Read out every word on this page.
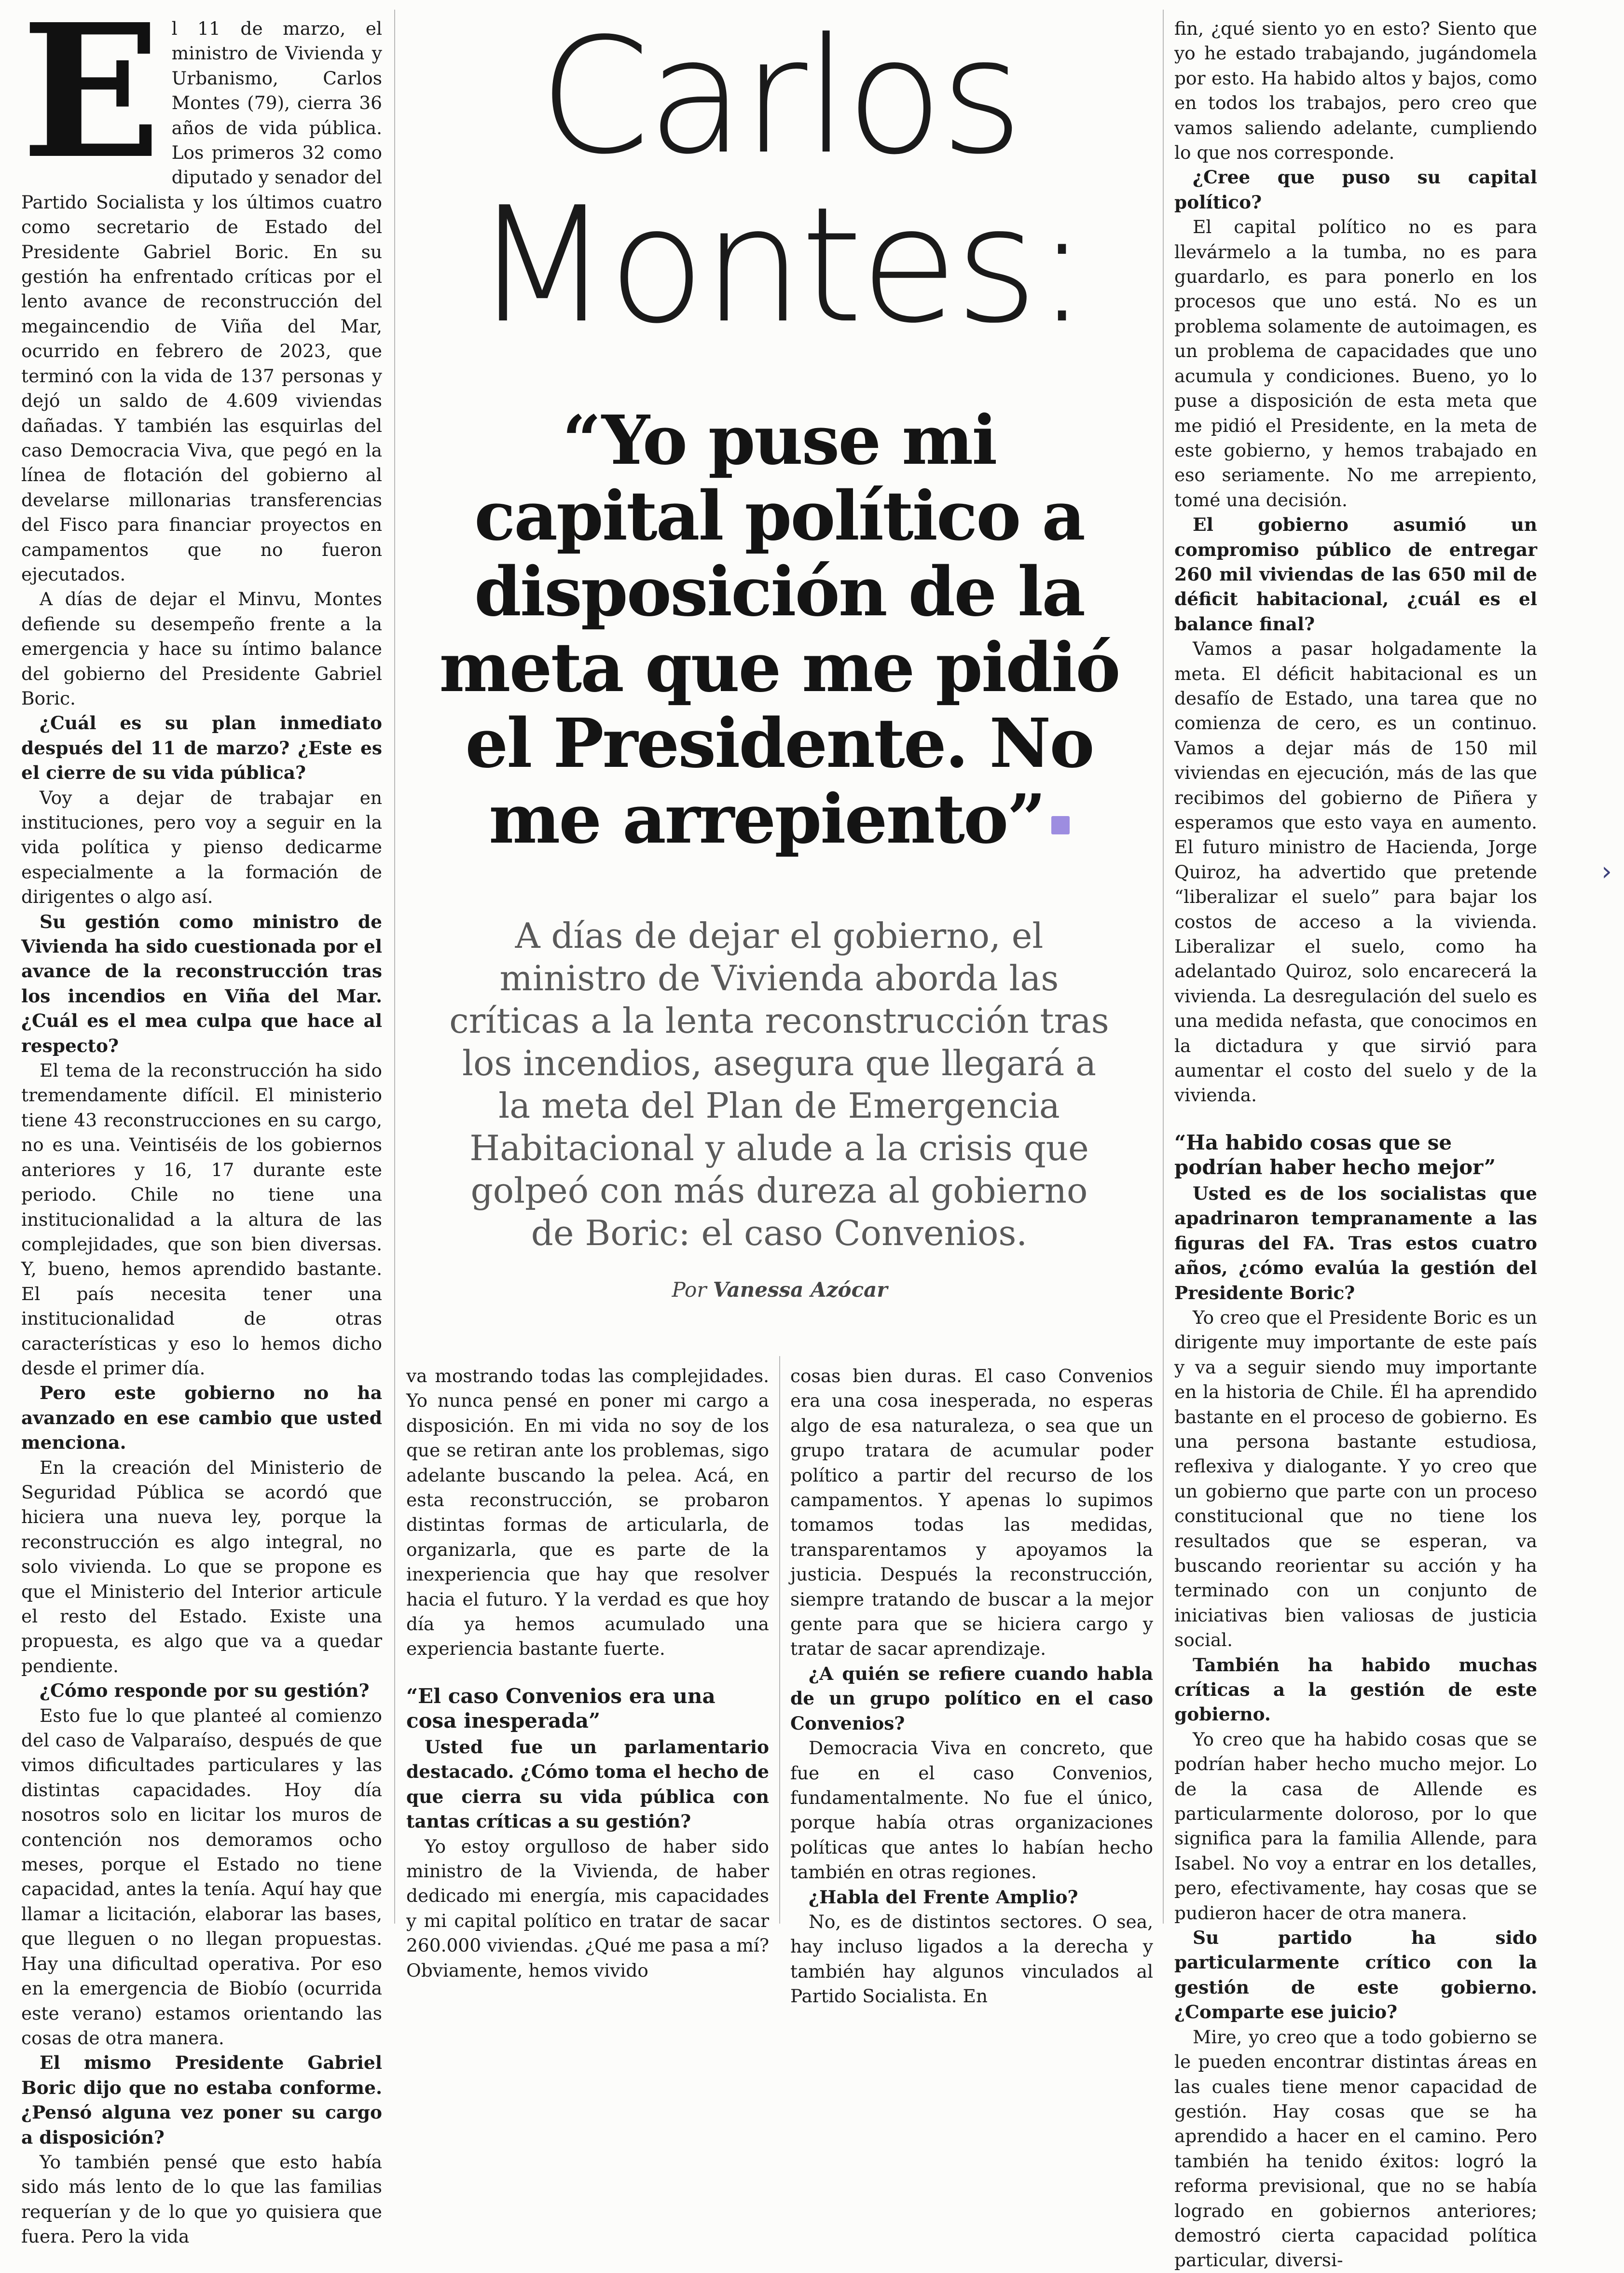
E l 11 de marzo, el ministro de Vivienda y Urbanismo, Carlos Montes (79), cierra 36 años de vida pública. Los primeros 32 como diputado y senador del Partido Socialista y los últimos cuatro como secretario de Estado del Presidente Gabriel Boric. En su gestión ha enfrentado críticas por el lento avance de reconstrucción del megaincendio de Viña del Mar, ocurrido en febrero de 2023, que terminó con la vida de 137 personas y dejó un saldo de 4.609 viviendas dañadas. Y también las esquirlas del caso Democracia Viva, que pegó en la línea de flotación del gobierno al develarse millonarias transferencias del Fisco para financiar proyectos en campamentos que no fueron ejecutados.

A días de dejar el Minvu, Montes defiende su desempeño frente a la emergencia y hace su íntimo balance del gobierno del Presidente Gabriel Boric.

¿Cuál es su plan inmediato después del 11 de marzo? ¿Este es el cierre de su vida pública?

Voy a dejar de trabajar en instituciones, pero voy a seguir en la vida política y pienso dedicarme especialmente a la formación de dirigentes o algo así.

Su gestión como ministro de Vivienda ha sido cuestionada por el avance de la reconstrucción tras los incendios en Viña del Mar. ¿Cuál es el mea culpa que hace al respecto?

El tema de la reconstrucción ha sido tremendamente difícil. El ministerio tiene 43 reconstrucciones en su cargo, no es una. Veintiséis de los gobiernos anteriores y 16, 17 durante este periodo. Chile no tiene una institucionalidad a la altura de las complejidades, que son bien diversas. Y, bueno, hemos aprendido bastante. El país necesita tener una institucionalidad de otras características y eso lo hemos dicho desde el primer día.

Pero este gobierno no ha avanzado en ese cambio que usted menciona.

En la creación del Ministerio de Seguridad Pública se acordó que hiciera una nueva ley, porque la reconstrucción es algo integral, no solo vivienda. Lo que se propone es que el Ministerio del Interior articule el resto del Estado. Existe una propuesta, es algo que va a quedar pendiente.

¿Cómo responde por su gestión?

Esto fue lo que planteé al comienzo del caso de Valparaíso, después de que vimos dificultades particulares y las distintas capacidades. Hoy día nosotros solo en licitar los muros de contención nos demoramos ocho meses, porque el Estado no tiene capacidad, antes la tenía. Aquí hay que llamar a licitación, elaborar las bases, que lleguen o no llegan propuestas. Hay una dificultad operativa. Por eso en la emergencia de Biobío (ocurrida este verano) estamos orientando las cosas de otra manera.

El mismo Presidente Gabriel Boric dijo que no estaba conforme. ¿Pensó alguna vez poner su cargo a disposición?

Yo también pensé que esto había sido más lento de lo que las familias requerían y de lo que yo quisiera que fuera. Pero la vida

Carlos
Montes:
“Yo puse mi capital político a disposición de la meta que me pidió el Presidente. No me arrepiento”

A días de dejar el gobierno, el ministro de Vivienda aborda las críticas a la lenta reconstrucción tras los incendios, asegura que llegará a la meta del Plan de Emergencia Habitacional y alude a la crisis que golpeó con más dureza al gobierno de Boric: el caso Convenios.

Por Vanessa Azócar

va mostrando todas las complejidades. Yo nunca pensé en poner mi cargo a disposición. En mi vida no soy de los que se retiran ante los problemas, sigo adelante buscando la pelea. Acá, en esta reconstrucción, se probaron distintas formas de articularla, de organizarla, que es parte de la inexperiencia que hay que resolver hacia el futuro. Y la verdad es que hoy día ya hemos acumulado una experiencia bastante fuerte.

“El caso Convenios era una cosa inesperada”

Usted fue un parlamentario destacado. ¿Cómo toma el hecho de que cierra su vida pública con tantas críticas a su gestión?

Yo estoy orgulloso de haber sido ministro de la Vivienda, de haber dedicado mi energía, mis capacidades y mi capital político en tratar de sacar 260.000 viviendas. ¿Qué me pasa a mí? Obviamente, hemos vivido

cosas bien duras. El caso Convenios era una cosa inesperada, no esperas algo de esa naturaleza, o sea que un grupo tratara de acumular poder político a partir del recurso de los campamentos. Y apenas lo supimos tomamos todas las medidas, transparentamos y apoyamos la justicia. Después la reconstrucción, siempre tratando de buscar a la mejor gente para que se hiciera cargo y tratar de sacar aprendizaje.

¿A quién se refiere cuando habla de un grupo político en el caso Convenios?

Democracia Viva en concreto, que fue en el caso Convenios, fundamentalmente. No fue el único, porque había otras organizaciones políticas que antes lo habían hecho también en otras regiones.

¿Habla del Frente Amplio?

No, es de distintos sectores. O sea, hay incluso ligados a la derecha y también hay algunos vinculados al Partido Socialista. En

fin, ¿qué siento yo en esto? Siento que yo he estado trabajando, jugándomela por esto. Ha habido altos y bajos, como en todos los trabajos, pero creo que vamos saliendo adelante, cumpliendo lo que nos corresponde.

¿Cree que puso su capital político?

El capital político no es para llevármelo a la tumba, no es para guardarlo, es para ponerlo en los procesos que uno está. No es un problema solamente de autoimagen, es un problema de capacidades que uno acumula y condiciones. Bueno, yo lo puse a disposición de esta meta que me pidió el Presidente, en la meta de este gobierno, y hemos trabajado en eso seriamente. No me arrepiento, tomé una decisión.

El gobierno asumió un compromiso público de entregar 260 mil viviendas de las 650 mil de déficit habitacional, ¿cuál es el balance final?

Vamos a pasar holgadamente la meta. El déficit habitacional es un desafío de Estado, una tarea que no comienza de cero, es un continuo. Vamos a dejar más de 150 mil viviendas en ejecución, más de las que recibimos del gobierno de Piñera y esperamos que esto vaya en aumento. El futuro ministro de Hacienda, Jorge Quiroz, ha advertido que pretende “liberalizar el suelo” para bajar los costos de acceso a la vivienda. Liberalizar el suelo, como ha adelantado Quiroz, solo encarecerá la vivienda. La desregulación del suelo es una medida nefasta, que conocimos en la dictadura y que sirvió para aumentar el costo del suelo y de la vivienda.

“Ha habido cosas que se podrían haber hecho mejor”

Usted es de los socialistas que apadrinaron tempranamente a las figuras del FA. Tras estos cuatro años, ¿cómo evalúa la gestión del Presidente Boric?

Yo creo que el Presidente Boric es un dirigente muy importante de este país y va a seguir siendo muy importante en la historia de Chile. Él ha aprendido bastante en el proceso de gobierno. Es una persona bastante estudiosa, reflexiva y dialogante. Y yo creo que un gobierno que parte con un proceso constitucional que no tiene los resultados que se esperan, va buscando reorientar su acción y ha terminado con un conjunto de iniciativas bien valiosas de justicia social.

También ha habido muchas críticas a la gestión de este gobierno.

Yo creo que ha habido cosas que se podrían haber hecho mucho mejor. Lo de la casa de Allende es particularmente doloroso, por lo que significa para la familia Allende, para Isabel. No voy a entrar en los detalles, pero, efectivamente, hay cosas que se pudieron hacer de otra manera.

Su partido ha sido particularmente crítico con la gestión de este gobierno. ¿Comparte ese juicio?

Mire, yo creo que a todo gobierno se le pueden encontrar distintas áreas en las cuales tiene menor capacidad de gestión. Hay cosas que se ha aprendido a hacer en el camino. Pero también ha tenido éxitos: logró la reforma previsional, que no se había logrado en gobiernos anteriores; demostró cierta capacidad política particular, diversi-

›
